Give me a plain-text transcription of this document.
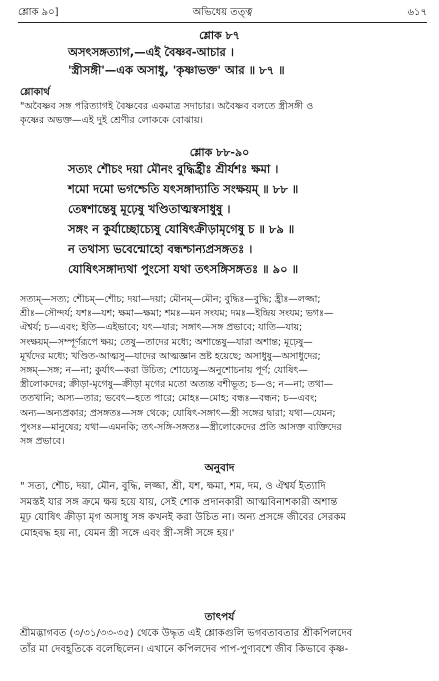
শ্লোক ৯০]	অভিধেয় তত্ত্ব	৬১৭
শ্লোক ৮৭
অসৎসঙ্গত্যাগ,—এই বৈষ্ণব-আচার ।
'স্ত্রীসঙ্গী'—এক অসাধু, 'কৃষ্ণাভক্ত' আর ॥ ৮৭ ॥
শ্লোকার্থ
"অবৈষ্ণব সঙ্গ পরিত্যাগই বৈষ্ণবের একমাত্র সদাচার। অবৈষ্ণব বলতে স্ত্রীসঙ্গী ও
কৃষ্ণের অভক্ত—এই দুই শ্রেণীর লোককে বোঝায়।
শ্লোক ৮৮-৯০
সত্যং শৌচং দয়া মৌনং বুদ্ধির্হ্রীঃ শ্রীর্যশঃ ক্ষমা ।
শমো দমো ভগশ্চেতি যৎসঙ্গাদ্যাতি সংক্ষয়ম্ ॥ ৮৮ ॥
তেষ্বশান্তেষু মূঢ়েষু খণ্ডিতাত্মস্বসাধুষু ।
সঙ্গং ন কুর্যাচ্ছোচ্যেষু যোষিৎক্রীড়ামৃগেষু চ ॥ ৮৯ ॥
ন তথাস্য ভবেন্মোহো বন্ধশ্চান্যপ্রসঙ্গতঃ ।
যোষিৎসঙ্গাদ্যথা পুংসো যথা তৎসঙ্গিসঙ্গতঃ ॥ ৯০ ॥
সত্যম্—সত্য; শৌচম্—শৌচ; দয়া—দয়া; মৌনম্—মৌন; বুদ্ধিঃ—বুদ্ধি; হ্রীঃ—লজ্জা;
শ্রীঃ—সৌন্দর্য; যশঃ—যশ; ক্ষমা—ক্ষমা; শমঃ—মন সংযম; দমঃ—ইন্দ্রিয় সংযম; ভগঃ—
ঐশ্বর্য; চ—এবং; ইতি—এইভাবে; যৎ—যার; সঙ্গাৎ—সঙ্গ প্রভাবে; যাতি—যায়;
সংক্ষয়ম্—সম্পূর্ণরূপে ক্ষয়; তেষু—তাদের মধ্যে; অশান্তেষু—যারা অশান্ত; মূঢ়েষু—
মূর্খদের মধ্যে; খণ্ডিত-আত্মসু—যাদের আত্মজ্ঞান ভ্রষ্ট হয়েছে; অসাধুষু—অসাধুদের;
সঙ্গম্—সঙ্গ; ন—না; কুর্যাৎ—করা উচিত; শোচ্যেষু—অনুশোচনায় পূর্ণ; যোষিৎ—
স্ত্রীলোকদের; ক্রীড়া-মৃগেষু—ক্রীড়া মৃগের মতো অত্যন্ত বশীভূত; চ—ও; ন—না; তথা—
ততখানি; অস্য—তার; ভবেৎ—হতে পারে; মোহঃ—মোহ; বন্ধঃ—বন্ধন; চ—এবং;
অন্য—অন্যপ্রকার; প্রসঙ্গতঃ—সঙ্গ থেকে; যোষিৎ-সঙ্গাৎ—স্ত্রী সঙ্গের দ্বারা; যথা—যেমন;
পুংসঃ—মানুষের; যথা—এমনকি; তৎ-সঙ্গি-সঙ্গতঃ—স্ত্রীলোকেদের প্রতি আসক্ত ব্যক্তিদের
সঙ্গ প্রভাবে।
অনুবাদ
" সত্য, শৌচ, দয়া, মৌন, বুদ্ধি, লজ্জা, শ্রী, যশ, ক্ষমা, শম, দম, ও ঐশ্বর্য ইত্যাদি
সমস্তই যার সঙ্গ ক্রমে ক্ষয় হয়ে যায়, সেই শোক প্রদানকারী আত্মবিনাশকারী অশান্ত
মূঢ় যোষিৎ ক্রীড়া মৃগ অসাধু সঙ্গ কখনই করা উচিত না। অন্য প্রসঙ্গে জীবের সেরকম
মোহবদ্ধ হয় না, যেমন স্ত্রী সঙ্গে এবং স্ত্রী-সঙ্গী সঙ্গে হয়।'
তাৎপর্য
শ্রীমদ্ভাগবত (৩/৩১/৩৩-৩৫) থেকে উদ্ধৃত এই শ্লোকগুলি ভগবতাবতার শ্রীকপিলদেব
তাঁর মা দেবহূতিকে বলেছিলেন। এখানে কপিলদেব পাপ-পুণ্যবশে জীব কিভাবে কৃষ্ণ-
